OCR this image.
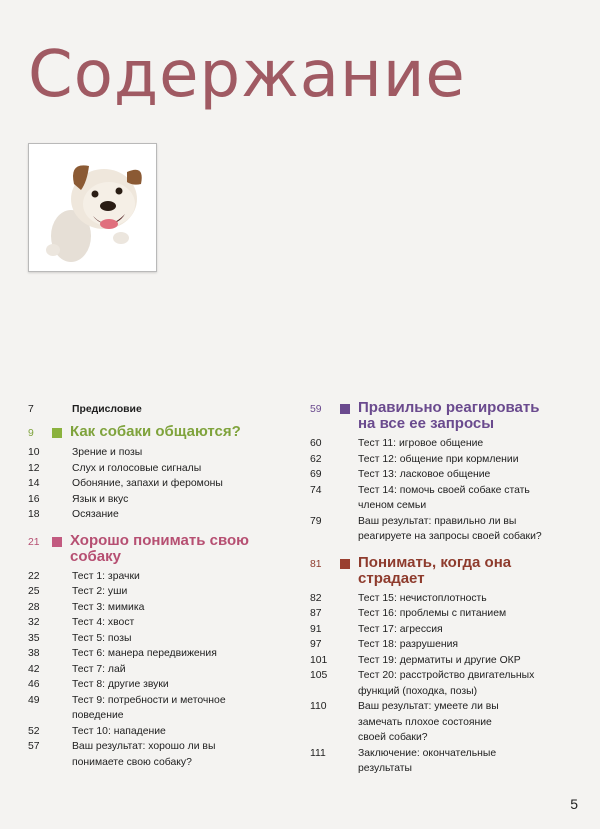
Содержание
7	Предисловие
9	Как собаки общаются?
10	Зрение и позы
12	Слух и голосовые сигналы
14	Обоняние, запахи и феромоны
16	Язык и вкус
18	Осязание
21	Хорошо понимать свою
собаку
22	Тест 1: зрачки
25	Тест 2: уши
28	Тест 3: мимика
32	Тест 4: хвост
35	Тест 5: позы
38	Тест 6: манера передвижения
42	Тест 7: лай
46	Тест 8: другие звуки
49	Тест 9: потребности и меточное
поведение
52	Тест 10: нападение
57	Ваш результат: хорошо ли вы
понимаете свою собаку?
59	Правильно реагировать
на все ее запросы
60	Тест 11: игровое общение
62	Тест 12: общение при кормлении
69	Тест 13: ласковое общение
74	Тест 14: помочь своей собаке стать
членом семьи
79	Ваш результат: правильно ли вы
реагируете на запросы своей собаки?
81	Понимать, когда она
страдает
82	Тест 15: нечистоплотность
87	Тест 16: проблемы с питанием
91	Тест 17: агрессия
97	Тест 18: разрушения
101	Тест 19: дерматиты и другие ОКР
105	Тест 20: расстройство двигательных
функций (походка, позы)
110	Ваш результат: умеете ли вы
замечать плохое состояние
своей собаки?
111	Заключение: окончательные
результаты
5
